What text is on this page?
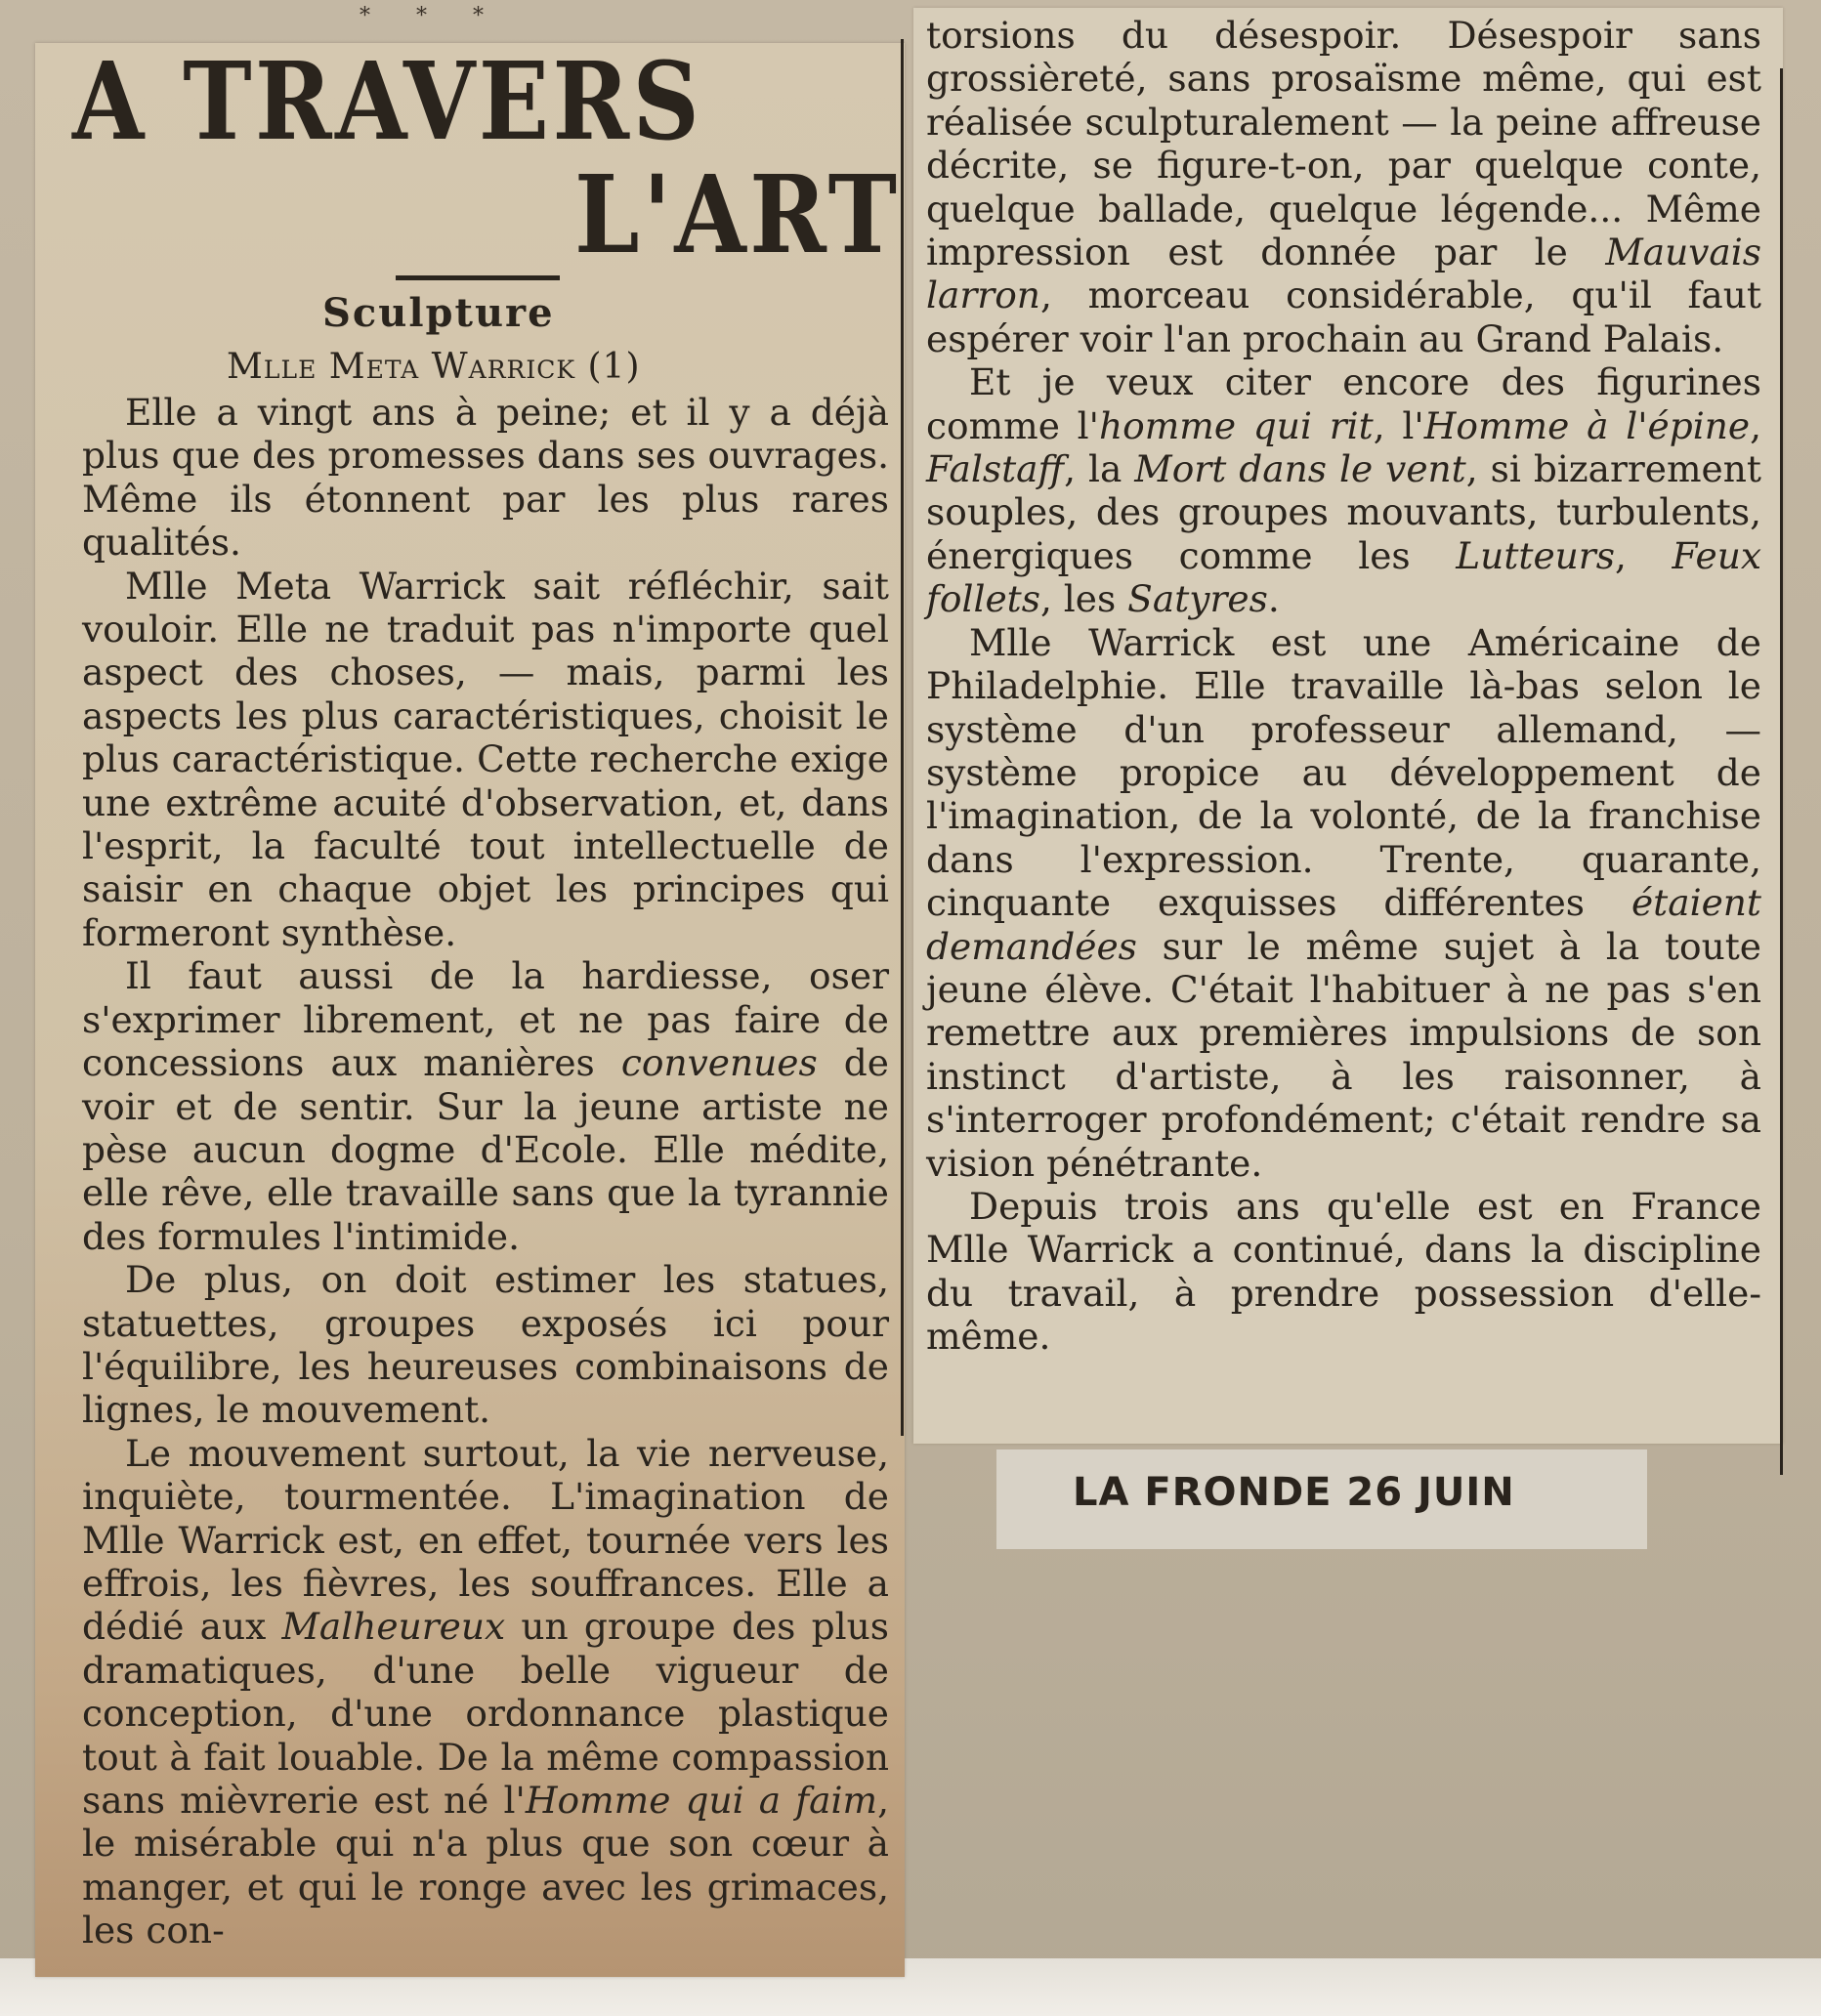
* * *
A TRAVERS
L'ART
Sculpture
Mlle Meta Warrick (1)

Elle a vingt ans à peine; et il y a déjà plus que des promesses dans ses ouvrages. Même ils étonnent par les plus rares qualités.

Mlle Meta Warrick sait réfléchir, sait vouloir. Elle ne traduit pas n'importe quel aspect des choses, — mais, parmi les aspects les plus caractéristiques, choisit le plus caractéristique. Cette recherche exige une extrême acuité d'observation, et, dans l'esprit, la faculté tout intellectuelle de saisir en chaque objet les principes qui formeront synthèse.

Il faut aussi de la hardiesse, oser s'exprimer librement, et ne pas faire de concessions aux manières convenues de voir et de sentir. Sur la jeune artiste ne pèse aucun dogme d'Ecole. Elle médite, elle rêve, elle travaille sans que la tyrannie des formules l'intimide.

De plus, on doit estimer les statues, statuettes, groupes exposés ici pour l'équilibre, les heureuses combinaisons de lignes, le mouvement.

Le mouvement surtout, la vie nerveuse, inquiète, tourmentée. L'imagination de Mlle Warrick est, en effet, tournée vers les effrois, les fièvres, les souffrances. Elle a dédié aux Malheureux un groupe des plus dramatiques, d'une belle vigueur de conception, d'une ordonnance plastique tout à fait louable. De la même compassion sans mièvrerie est né l'Homme qui a faim, le misérable qui n'a plus que son cœur à manger, et qui le ronge avec les grimaces, les con-

torsions du désespoir. Désespoir sans grossièreté, sans prosaïsme même, qui est réalisée sculpturalement — la peine affreuse décrite, se figure-t-on, par quelque conte, quelque ballade, quelque légende... Même impression est donnée par le Mauvais larron, morceau considérable, qu'il faut espérer voir l'an prochain au Grand Palais.

Et je veux citer encore des figurines comme l'homme qui rit, l'Homme à l'épine, Falstaff, la Mort dans le vent, si bizarrement souples, des groupes mouvants, turbulents, énergiques comme les Lutteurs, Feux follets, les Satyres.

Mlle Warrick est une Américaine de Philadelphie. Elle travaille là-bas selon le système d'un professeur allemand, — système propice au développement de l'imagination, de la volonté, de la franchise dans l'expression. Trente, quarante, cinquante exquisses différentes étaient demandées sur le même sujet à la toute jeune élève. C'était l'habituer à ne pas s'en remettre aux premières impulsions de son instinct d'artiste, à les raisonner, à s'interroger profondément; c'était rendre sa vision pénétrante.

Depuis trois ans qu'elle est en France Mlle Warrick a continué, dans la discipline du travail, à prendre possession d'elle-même.

LA FRONDE 26 JUIN
